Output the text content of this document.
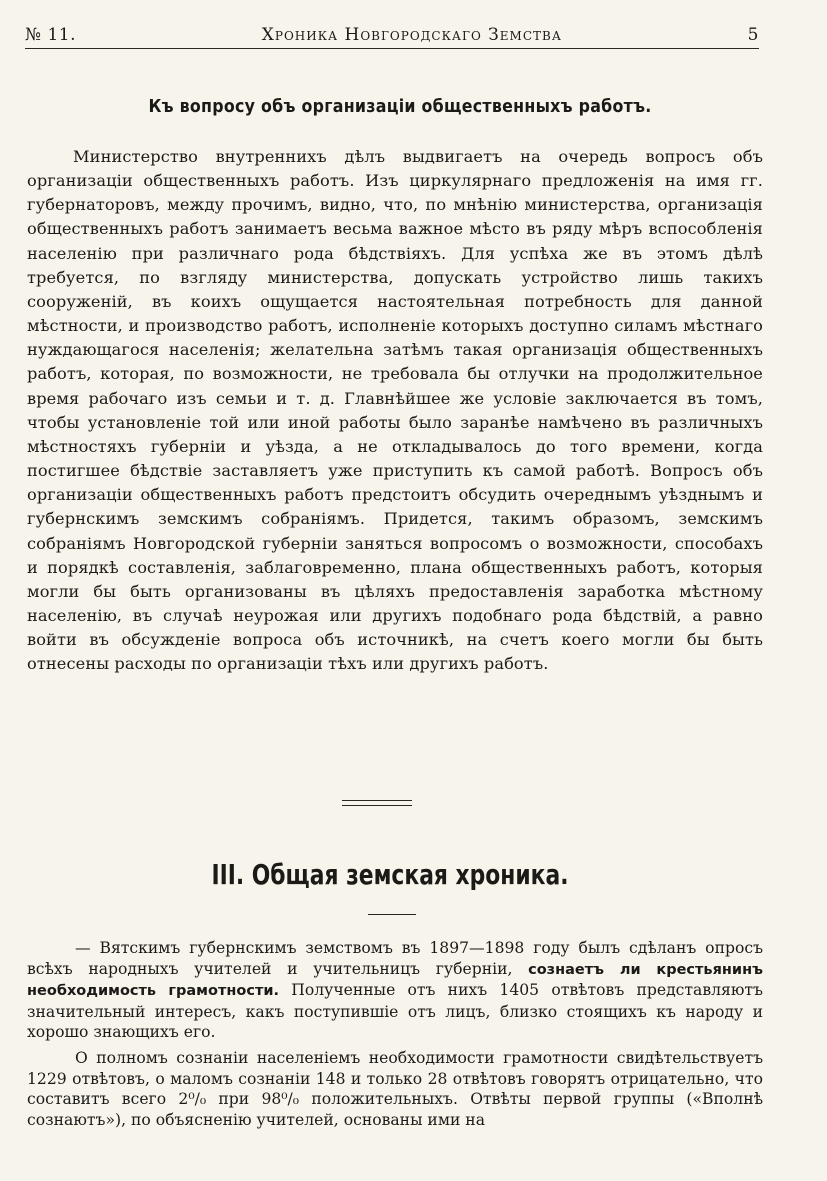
№ 11.	Хроника Новгородскаго Земства	5
Къ вопросу объ организаціи общественныхъ работъ.
Министерство внутреннихъ дѣлъ выдвигаетъ на очередь вопросъ объ организаціи общественныхъ работъ. Изъ циркулярнаго предложенія на имя гг. губернаторовъ, между прочимъ, видно, что, по мнѣнію министерства, организація общественныхъ работъ занимаетъ весьма важное мѣсто въ ряду мѣръ вспособленія населенію при различнаго рода бѣдствіяхъ. Для успѣха же въ этомъ дѣлѣ требуется, по взгляду министерства, допускать устройство лишь такихъ сооруженій, въ коихъ ощущается настоятельная потребность для данной мѣстности, и производство работъ, исполненіе которыхъ доступно силамъ мѣстнаго нуждающагося населенія; желательна затѣмъ такая организація общественныхъ работъ, которая, по возможности, не требовала бы отлучки на продолжительное время рабочаго изъ семьи и т. д. Главнѣйшее же условіе заключается въ томъ, чтобы установленіе той или иной работы было заранѣе намѣчено въ различныхъ мѣстностяхъ губерніи и уѣзда, а не откладывалось до того времени, когда постигшее бѣдствіе заставляетъ уже приступить къ самой работѣ. Вопросъ объ организаціи общественныхъ работъ предстоитъ обсудить очереднымъ уѣзднымъ и губернскимъ земскимъ собраніямъ. Придется, такимъ образомъ, земскимъ собраніямъ Новгородской губерніи заняться вопросомъ о возможности, способахъ и порядкѣ составленія, заблаговременно, плана общественныхъ работъ, которыя могли бы быть организованы въ цѣляхъ предоставленія заработка мѣстному населенію, въ случаѣ неурожая или другихъ подобнаго рода бѣдствій, а равно войти въ обсужденіе вопроса объ источникѣ, на счетъ коего могли бы быть отнесены расходы по организаціи тѣхъ или другихъ работъ.
III. Общая земская хроника.

— Вятскимъ губернскимъ земствомъ въ 1897—1898 году былъ сдѣланъ опросъ всѣхъ народныхъ учителей и учительницъ губерніи, сознаетъ ли крестьянинъ необходимость грамотности. Полученные отъ нихъ 1405 отвѣтовъ представляютъ значительный интересъ, какъ поступившіе отъ лицъ, близко стоящихъ къ народу и хорошо знающихъ его.

О полномъ сознаніи населеніемъ необходимости грамотности свидѣтельствуетъ 1229 отвѣтовъ, о маломъ сознаніи 148 и только 28 отвѣтовъ говорятъ отрицательно, что составитъ всего 2⁰/₀ при 98⁰/₀ положительныхъ. Отвѣты первой группы («Вполнѣ сознаютъ»), по объясненію учителей, основаны ими на
